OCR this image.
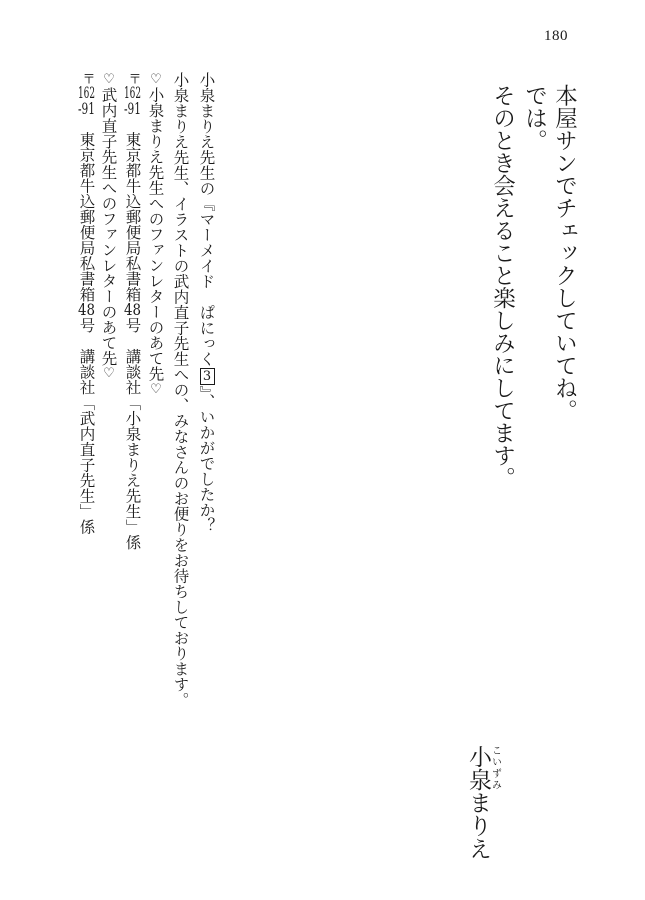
180
本屋サンでチェックしていてね。
では。
そのとき会えること楽しみにしてます。
小泉まりえ先生の『マーメイド　ぱにっく3』、いかがでしたか？
小泉まりえ先生、イラストの武内直子先生への、みなさんのお便りをお待ちしております。
♡小泉まりえ先生へのファンレターのあて先♡
〒162-91　東京都牛込郵便局私書箱48号　講談社「小泉まりえ先生」係
♡武内直子先生へのファンレターのあて先♡
〒162-91　東京都牛込郵便局私書箱48号　講談社「武内直子先生」係
小泉こいずみまりえ
